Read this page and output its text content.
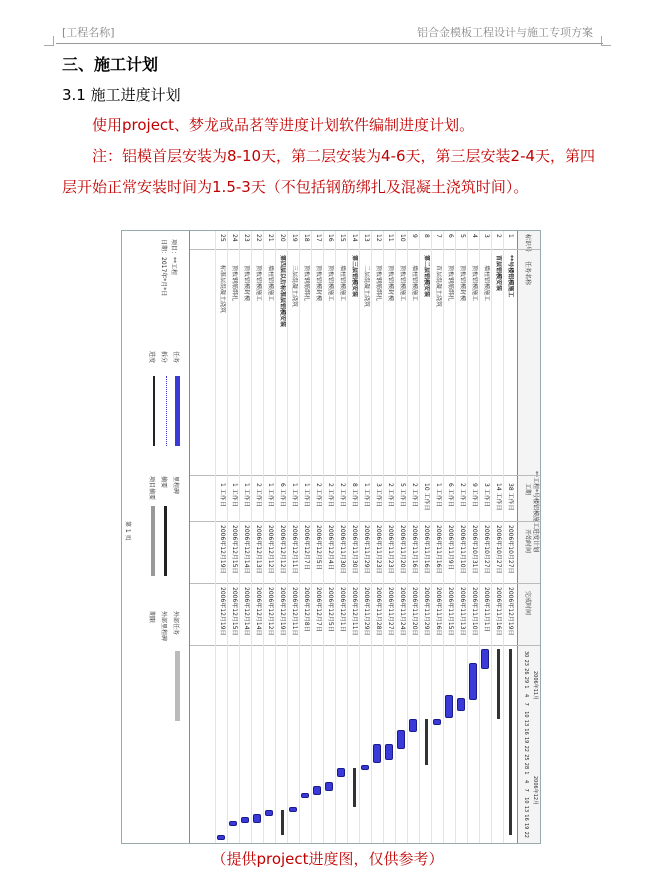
[工程名称]	铝合金模板工程设计与施工专项方案
三、施工计划
3.1 施工进度计划
使用project、梦龙或品茗等进度计划软件编制进度计划。
注：铝模首层安装为8-10天，第二层安装为4-6天，第三层安装2-4天，第四层开始正常安装时间为1.5-3天（不包括钢筋绑扎及混凝土浇筑时间）。
**工程*号楼铝模施工进度计划
标识号
任务名称
工期
开始时间
完成时间
2006年11月
2006年12月
30
23
26
29
1
4
7
10
13
16
19
22
25
28
1
4
7
10
13
16
19
22
1
**号楼铝模施工
38 工作日
2006年10月27日
2006年12月19日
2
首层铝模安装
14 工作日
2006年10月27日
2006年11月16日
3
墙柱铝模施工
3 工作日
2006年10月27日
2006年11月1日
4
顶板铝模施工
9 工作日
2006年10月31日
2006年11月10日
5
顶板铝模封模
2 工作日
2006年11月10日
2006年11月13日
6
顶板钢筋绑扎
6 工作日
2006年11月9日
2006年11月15日
7
首层混凝土浇筑
1 工作日
2006年11月16日
2006年11月16日
8
第二层铝模安装
10 工作日
2006年11月16日
2006年11月29日
9
墙柱铝模施工
2 工作日
2006年11月16日
2006年11月20日
10
顶板铝模施工
5 工作日
2006年11月20日
2006年11月24日
11
顶板铝模封模
2 工作日
2006年11月23日
2006年11月27日
12
顶板钢筋绑扎
3 工作日
2006年11月23日
2006年11月28日
13
二层混凝土浇筑
1 工作日
2006年11月29日
2006年11月29日
14
第三层铝模安装
8 工作日
2006年11月30日
2006年12月11日
15
墙柱铝模施工
2 工作日
2006年11月30日
2006年12月1日
16
顶板铝模施工
2 工作日
2006年12月4日
2006年12月5日
17
顶板铝模封模
2 工作日
2006年12月5日
2006年12月7日
18
顶板钢筋绑扎
1 工作日
2006年12月7日
2006年12月8日
19
三层混凝土浇筑
1 工作日
2006年12月11日
2006年12月11日
20
第四层以后标准层铝模安装
6 工作日
2006年12月12日
2006年12月19日
21
墙柱铝模施工
1 工作日
2006年12月12日
2006年12月12日
22
顶板铝模施工
2 工作日
2006年12月13日
2006年12月14日
23
顶板铝模封模
1 工作日
2006年12月14日
2006年12月14日
24
顶板钢筋绑扎
1 工作日
2006年12月15日
2006年12月15日
25
标准层混凝土浇筑
1 工作日
2006年12月19日
2006年12月19日
项目：**工程
日期：2017年*月*日
任务
拆分
进度
里程碑
摘要
项目摘要
外部任务
外部里程碑
期限
第 1 页
（提供project进度图，仅供参考）
